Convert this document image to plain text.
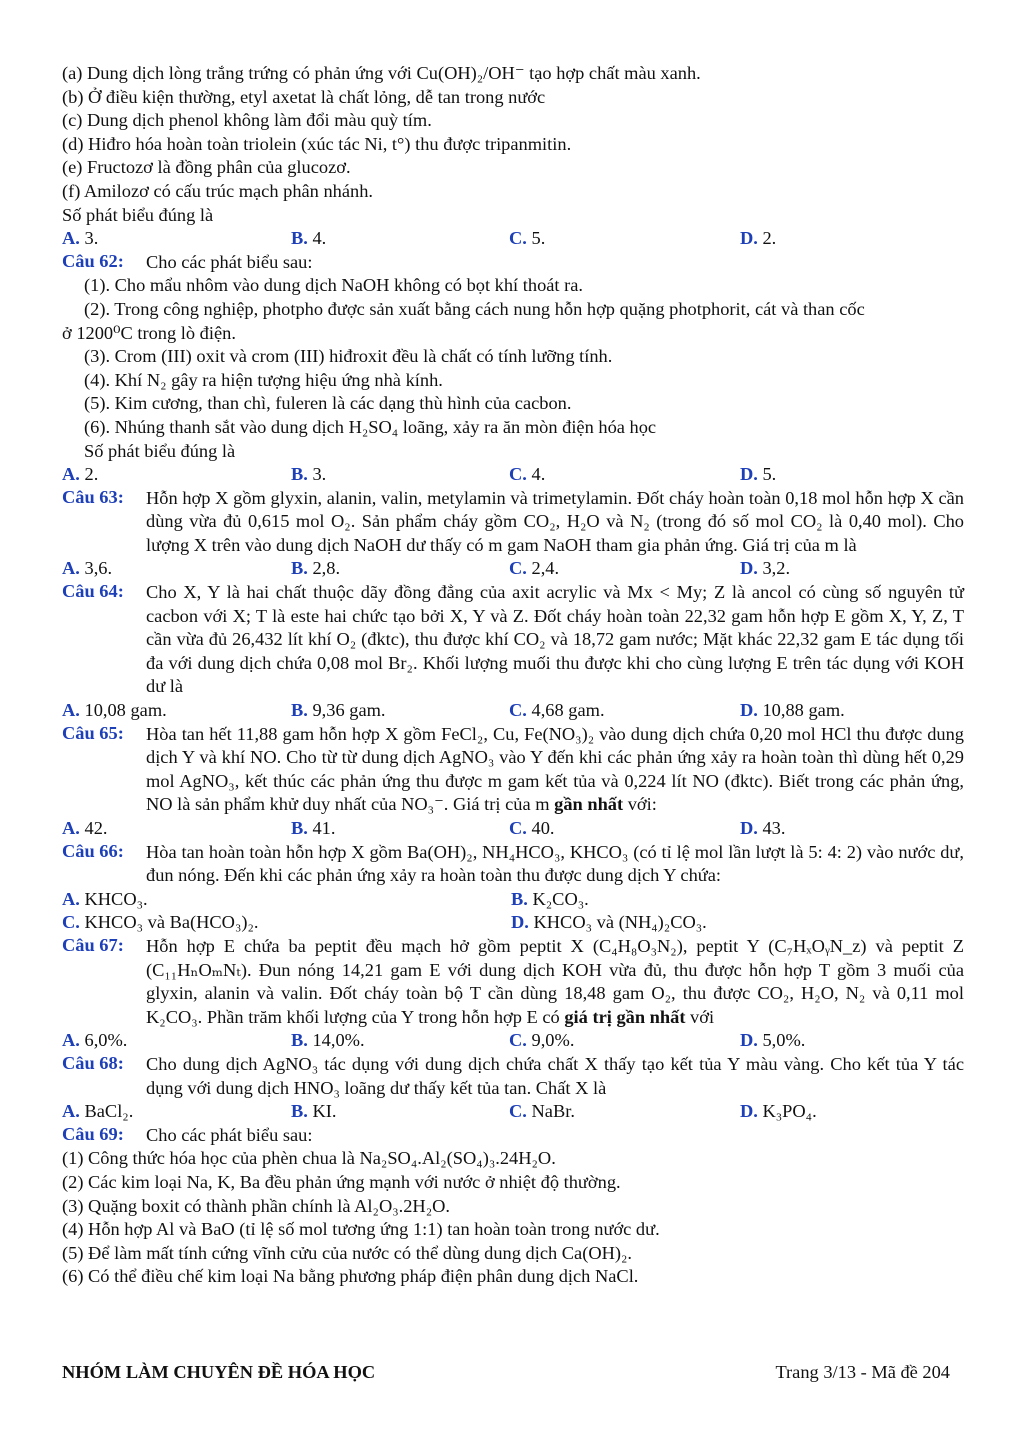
(a) Dung dịch lòng trắng trứng có phản ứng với Cu(OH)₂/OH⁻ tạo hợp chất màu xanh.
(b) Ở điều kiện thường, etyl axetat là chất lỏng, dễ tan trong nước
(c) Dung dịch phenol không làm đổi màu quỳ tím.
(d) Hiđro hóa hoàn toàn triolein (xúc tác Ni, t°) thu được tripanmitin.
(e) Fructozơ là đồng phân của glucozơ.
(f) Amilozơ có cấu trúc mạch phân nhánh.
Số phát biểu đúng là
A. 3.	B. 4.	C. 5.	D. 2.
Câu 62:	Cho các phát biểu sau:
(1). Cho mẩu nhôm vào dung dịch NaOH không có bọt khí thoát ra.
(2). Trong công nghiệp, photpho được sản xuất bằng cách nung hỗn hợp quặng photphorit, cát và than cốc
ở 1200⁰C trong lò điện.
(3). Crom (III) oxit và crom (III) hiđroxit đều là chất có tính lưỡng tính.
(4). Khí N₂ gây ra hiện tượng hiệu ứng nhà kính.
(5). Kim cương, than chì, fuleren là các dạng thù hình của cacbon.
(6). Nhúng thanh sắt vào dung dịch H₂SO₄ loãng, xảy ra ăn mòn điện hóa học
Số phát biểu đúng là
A. 2.	B. 3.	C. 4.	D. 5.
Câu 63:	Hỗn hợp X gồm glyxin, alanin, valin, metylamin và trimetylamin. Đốt cháy hoàn toàn 0,18 mol hỗn hợp X cần dùng vừa đủ 0,615 mol O₂. Sản phẩm cháy gồm CO₂, H₂O và N₂ (trong đó số mol CO₂ là 0,40 mol). Cho lượng X trên vào dung dịch NaOH dư thấy có m gam NaOH tham gia phản ứng. Giá trị của m là
A. 3,6.	B. 2,8.	C. 2,4.	D. 3,2.
Câu 64:	Cho X, Y là hai chất thuộc dãy đồng đẳng của axit acrylic và Mx < My; Z là ancol có cùng số nguyên tử cacbon với X; T là este hai chức tạo bởi X, Y và Z. Đốt cháy hoàn toàn 22,32 gam hỗn hợp E gồm X, Y, Z, T cần vừa đủ 26,432 lít khí O₂ (đktc), thu được khí CO₂ và 18,72 gam nước; Mặt khác 22,32 gam E tác dụng tối đa với dung dịch chứa 0,08 mol Br₂. Khối lượng muối thu được khi cho cùng lượng E trên tác dụng với KOH dư là
A. 10,08 gam.	B. 9,36 gam.	C. 4,68 gam.	D. 10,88 gam.
Câu 65:	Hòa tan hết 11,88 gam hỗn hợp X gồm FeCl₂, Cu, Fe(NO₃)₂ vào dung dịch chứa 0,20 mol HCl thu được dung dịch Y và khí NO. Cho từ từ dung dịch AgNO₃ vào Y đến khi các phản ứng xảy ra hoàn toàn thì dùng hết 0,29 mol AgNO₃, kết thúc các phản ứng thu được m gam kết tủa và 0,224 lít NO (đktc). Biết trong các phản ứng, NO là sản phẩm khử duy nhất của NO₃⁻. Giá trị của m gần nhất với:
A. 42.	B. 41.	C. 40.	D. 43.
Câu 66:	Hòa tan hoàn toàn hỗn hợp X gồm Ba(OH)₂, NH₄HCO₃, KHCO₃ (có tỉ lệ mol lần lượt là 5: 4: 2) vào nước dư, đun nóng. Đến khi các phản ứng xảy ra hoàn toàn thu được dung dịch Y chứa:
A. KHCO₃.	B. K₂CO₃.
C. KHCO₃ và Ba(HCO₃)₂.	D. KHCO₃ và (NH₄)₂CO₃.
Câu 67:	Hỗn hợp E chứa ba peptit đều mạch hở gồm peptit X (C₄H₈O₃N₂), peptit Y (C₇HₓOᵧN_z) và peptit Z (C₁₁HₙOₘNₜ). Đun nóng 14,21 gam E với dung dịch KOH vừa đủ, thu được hỗn hợp T gồm 3 muối của glyxin, alanin và valin. Đốt cháy toàn bộ T cần dùng 18,48 gam O₂, thu được CO₂, H₂O, N₂ và 0,11 mol K₂CO₃. Phần trăm khối lượng của Y trong hỗn hợp E có giá trị gần nhất với
A. 6,0%.	B. 14,0%.	C. 9,0%.	D. 5,0%.
Câu 68:	Cho dung dịch AgNO₃ tác dụng với dung dịch chứa chất X thấy tạo kết tủa Y màu vàng. Cho kết tủa Y tác dụng với dung dịch HNO₃ loãng dư thấy kết tủa tan. Chất X là
A. BaCl₂.	B. KI.	C. NaBr.	D. K₃PO₄.
Câu 69:	Cho các phát biểu sau:
(1) Công thức hóa học của phèn chua là Na₂SO₄.Al₂(SO₄)₃.24H₂O.
(2) Các kim loại Na, K, Ba đều phản ứng mạnh với nước ở nhiệt độ thường.
(3) Quặng boxit có thành phần chính là Al₂O₃.2H₂O.
(4) Hỗn hợp Al và BaO (tỉ lệ số mol tương ứng 1:1) tan hoàn toàn trong nước dư.
(5) Để làm mất tính cứng vĩnh cửu của nước có thể dùng dung dịch Ca(OH)₂.
(6) Có thể điều chế kim loại Na bằng phương pháp điện phân dung dịch NaCl.
NHÓM LÀM CHUYÊN ĐỀ HÓA HỌC	Trang 3/13 - Mã đề 204
